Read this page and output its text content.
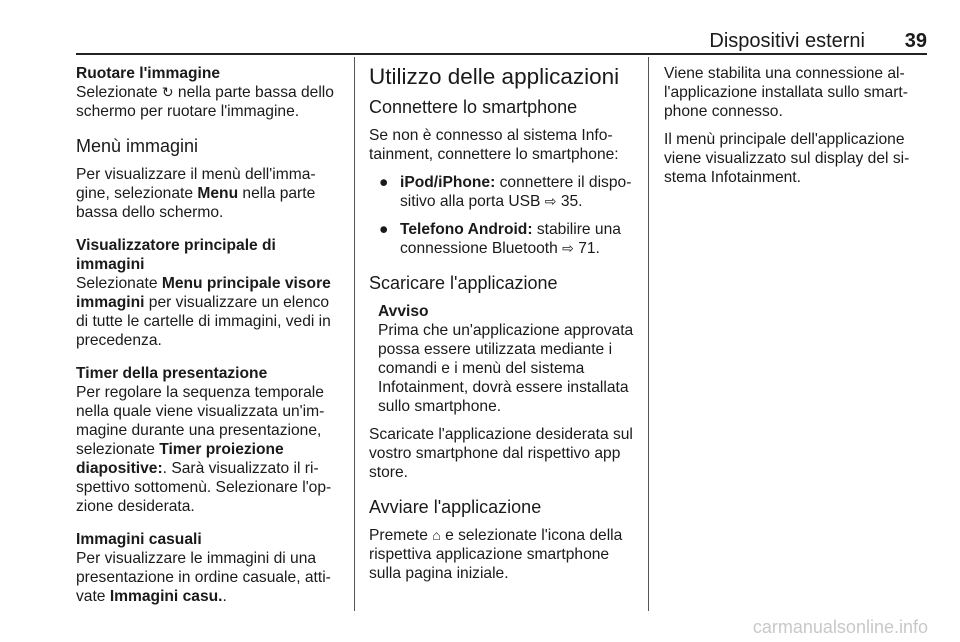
Dispositivi esterni 39

Ruotare l'immagine

Selezionate ↻ nella parte bassa dello schermo per ruotare l'immagine.

Menù immagini

Per visualizzare il menù dell'immagine, selezionate Menu nella parte bassa dello schermo.

Visualizzatore principale di immagini

Selezionate Menu principale visore immagini per visualizzare un elenco di tutte le cartelle di immagini, vedi in precedenza.

Timer della presentazione

Per regolare la sequenza temporale nella quale viene visualizzata un'immagine durante una presentazione, selezionate Timer proiezione diapositive:. Sarà visualizzato il rispettivo sottomenù. Selezionare l'opzione desiderata.

Immagini casuali

Per visualizzare le immagini di una presentazione in ordine casuale, attivate Immagini casu..

Utilizzo delle applicazioni
Connettere lo smartphone

Se non è connesso al sistema Infotainment, connettere lo smartphone:

● iPod/iPhone: connettere il dispositivo alla porta USB ⇨ 35.
● Telefono Android: stabilire una connessione Bluetooth ⇨ 71.
Scaricare l'applicazione

Avviso

Prima che un'applicazione approvata possa essere utilizzata mediante i comandi e i menù del sistema Infotainment, dovrà essere installata sullo smartphone.

Scaricate l'applicazione desiderata sul vostro smartphone dal rispettivo app store.

Avviare l'applicazione

Premete ⌂ e selezionate l'icona della rispettiva applicazione smartphone sulla pagina iniziale.

Viene stabilita una connessione all'applicazione installata sullo smartphone connesso.

Il menù principale dell'applicazione viene visualizzato sul display del sistema Infotainment.

carmanualsonline.info
